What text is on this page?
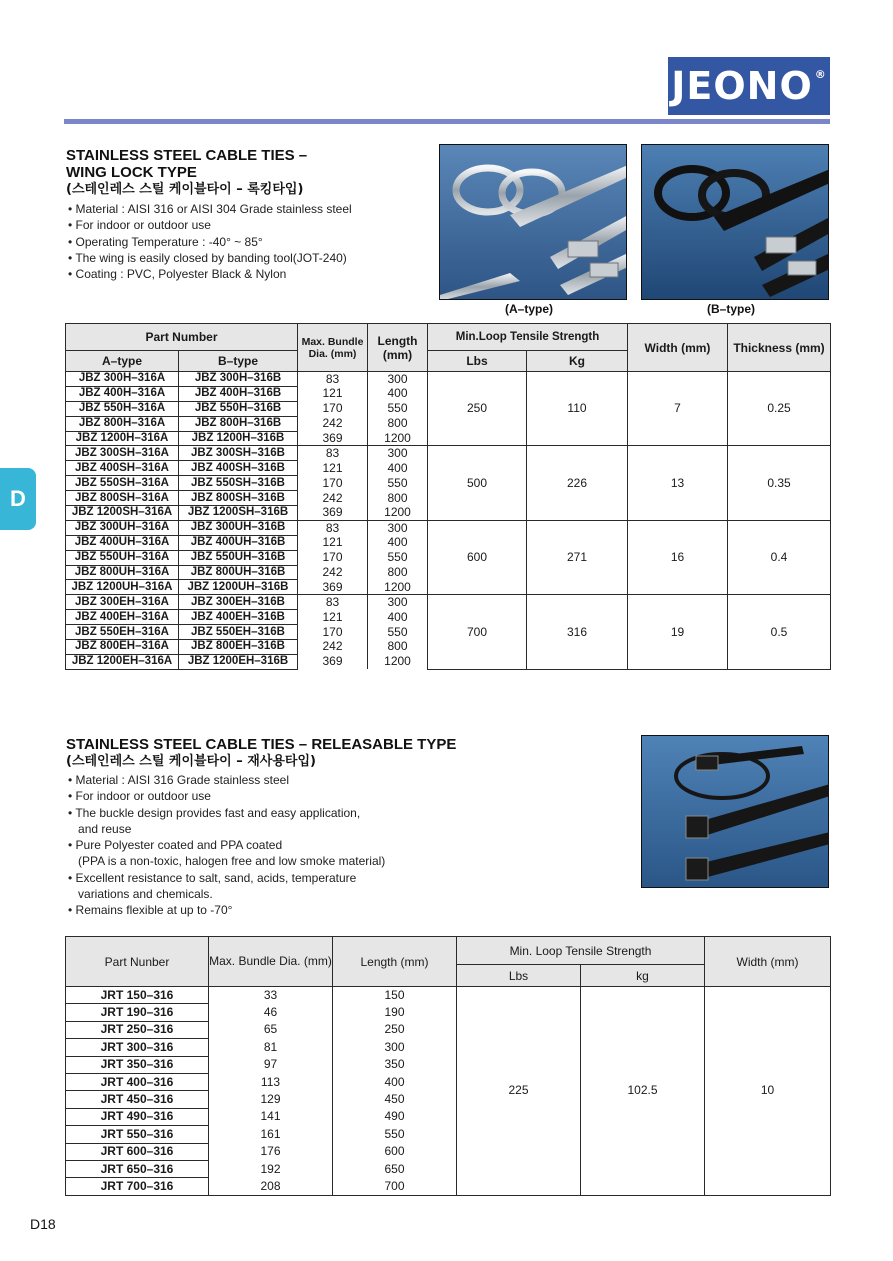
JEONO®
D
STAINLESS STEEL CABLE TIES –
WING LOCK TYPE
(스테인레스 스틸 케이블타이 – 록킹타입)
• Material : AISI 316 or AISI 304 Grade stainless steel
• For indoor or outdoor use
• Operating Temperature : -40° ~ 85°
• The wing is easily closed by banding tool(JOT-240)
• Coating : PVC, Polyester Black & Nylon
(A–type)	(B–type)
Part Number		Max. Bundle Dia. (mm)	Length (mm)	Min.Loop Tensile Strength		Width (mm)	Thickness (mm)
A–type	B–type			Lbs	Kg		
JBZ 300H–316A	JBZ 300H–316B	83	300	250	110	7	0.25
JBZ 400H–316A	JBZ 400H–316B	121	400				
JBZ 550H–316A	JBZ 550H–316B	170	550				
JBZ 800H–316A	JBZ 800H–316B	242	800				
JBZ 1200H–316A	JBZ 1200H–316B	369	1200				
JBZ 300SH–316A	JBZ 300SH–316B	83	300	500	226	13	0.35
JBZ 400SH–316A	JBZ 400SH–316B	121	400				
JBZ 550SH–316A	JBZ 550SH–316B	170	550				
JBZ 800SH–316A	JBZ 800SH–316B	242	800				
JBZ 1200SH–316A	JBZ 1200SH–316B	369	1200				
JBZ 300UH–316A	JBZ 300UH–316B	83	300	600	271	16	0.4
JBZ 400UH–316A	JBZ 400UH–316B	121	400				
JBZ 550UH–316A	JBZ 550UH–316B	170	550				
JBZ 800UH–316A	JBZ 800UH–316B	242	800				
JBZ 1200UH–316A	JBZ 1200UH–316B	369	1200				
JBZ 300EH–316A	JBZ 300EH–316B	83	300	700	316	19	0.5
JBZ 400EH–316A	JBZ 400EH–316B	121	400				
JBZ 550EH–316A	JBZ 550EH–316B	170	550				
JBZ 800EH–316A	JBZ 800EH–316B	242	800				
JBZ 1200EH–316A	JBZ 1200EH–316B	369	1200				
STAINLESS STEEL CABLE TIES – RELEASABLE TYPE
(스테인레스 스틸 케이블타이 – 재사용타입)
• Material : AISI 316 Grade stainless steel
• For indoor or outdoor use
• The buckle design provides fast and easy application,
and reuse
• Pure Polyester coated and PPA coated
(PPA is a non-toxic, halogen free and low smoke material)
• Excellent resistance to salt, sand, acids, temperature
variations and chemicals.
• Remains flexible at up to -70°
Part Nunber	Max. Bundle Dia. (mm)	Length (mm)	Min. Loop Tensile Strength		Width (mm)
			Lbs	kg	
JRT 150–316	33	150	225	102.5	10
JRT 190–316	46	190			
JRT 250–316	65	250			
JRT 300–316	81	300			
JRT 350–316	97	350			
JRT 400–316	113	400			
JRT 450–316	129	450			
JRT 490–316	141	490			
JRT 550–316	161	550			
JRT 600–316	176	600			
JRT 650–316	192	650			
JRT 700–316	208	700			
D18
